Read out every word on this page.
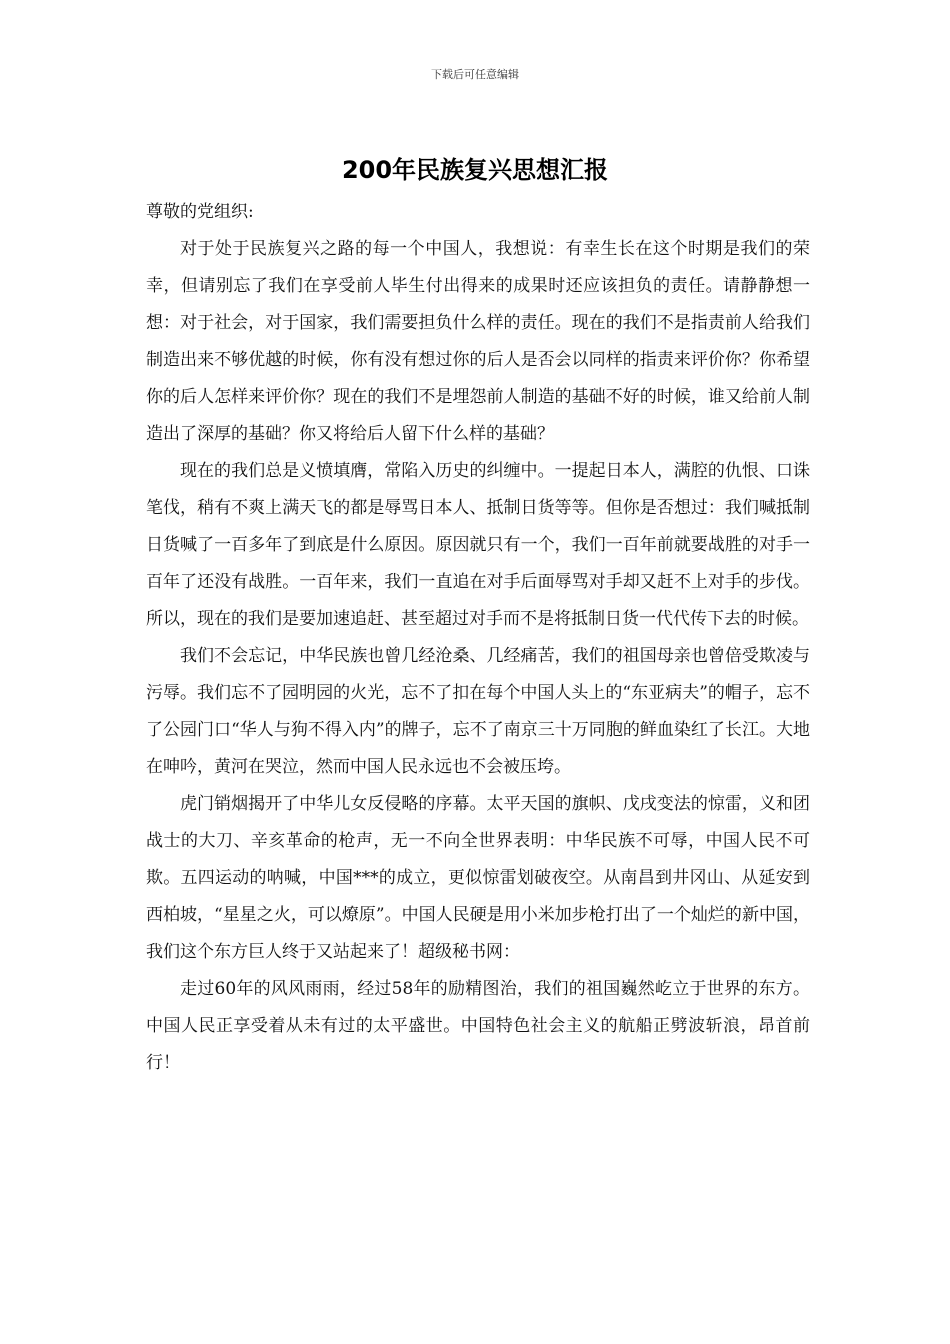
下载后可任意编辑
200年民族复兴思想汇报

尊敬的党组织:

对于处于民族复兴之路的每一个中国人，我想说：有幸生长在这个时期是我们的荣幸，但请别忘了我们在享受前人毕生付出得来的成果时还应该担负的责任。请静静想一想：对于社会，对于国家，我们需要担负什么样的责任。现在的我们不是指责前人给我们制造出来不够优越的时候，你有没有想过你的后人是否会以同样的指责来评价你？你希望你的后人怎样来评价你？现在的我们不是埋怨前人制造的基础不好的时候，谁又给前人制造出了深厚的基础？你又将给后人留下什么样的基础？

现在的我们总是义愤填膺，常陷入历史的纠缠中。一提起日本人，满腔的仇恨、口诛笔伐，稍有不爽上满天飞的都是辱骂日本人、抵制日货等等。但你是否想过：我们喊抵制日货喊了一百多年了到底是什么原因。原因就只有一个，我们一百年前就要战胜的对手一百年了还没有战胜。一百年来，我们一直追在对手后面辱骂对手却又赶不上对手的步伐。所以，现在的我们是要加速追赶、甚至超过对手而不是将抵制日货一代代传下去的时候。

我们不会忘记，中华民族也曾几经沧桑、几经痛苦，我们的祖国母亲也曾倍受欺凌与污辱。我们忘不了园明园的火光，忘不了扣在每个中国人头上的“东亚病夫”的帽子，忘不了公园门口“华人与狗不得入内”的牌子，忘不了南京三十万同胞的鲜血染红了长江。大地在呻吟，黄河在哭泣，然而中国人民永远也不会被压垮。

虎门销烟揭开了中华儿女反侵略的序幕。太平天国的旗帜、戊戌变法的惊雷，义和团战士的大刀、辛亥革命的枪声，无一不向全世界表明：中华民族不可辱，中国人民不可欺。五四运动的呐喊，中国***的成立，更似惊雷划破夜空。从南昌到井冈山、从延安到西柏坡，“星星之火，可以燎原”。中国人民硬是用小米加步枪打出了一个灿烂的新中国，我们这个东方巨人终于又站起来了！超级秘书网：

走过60年的风风雨雨，经过58年的励精图治，我们的祖国巍然屹立于世界的东方。中国人民正享受着从未有过的太平盛世。中国特色社会主义的航船正劈波斩浪，昂首前行！
